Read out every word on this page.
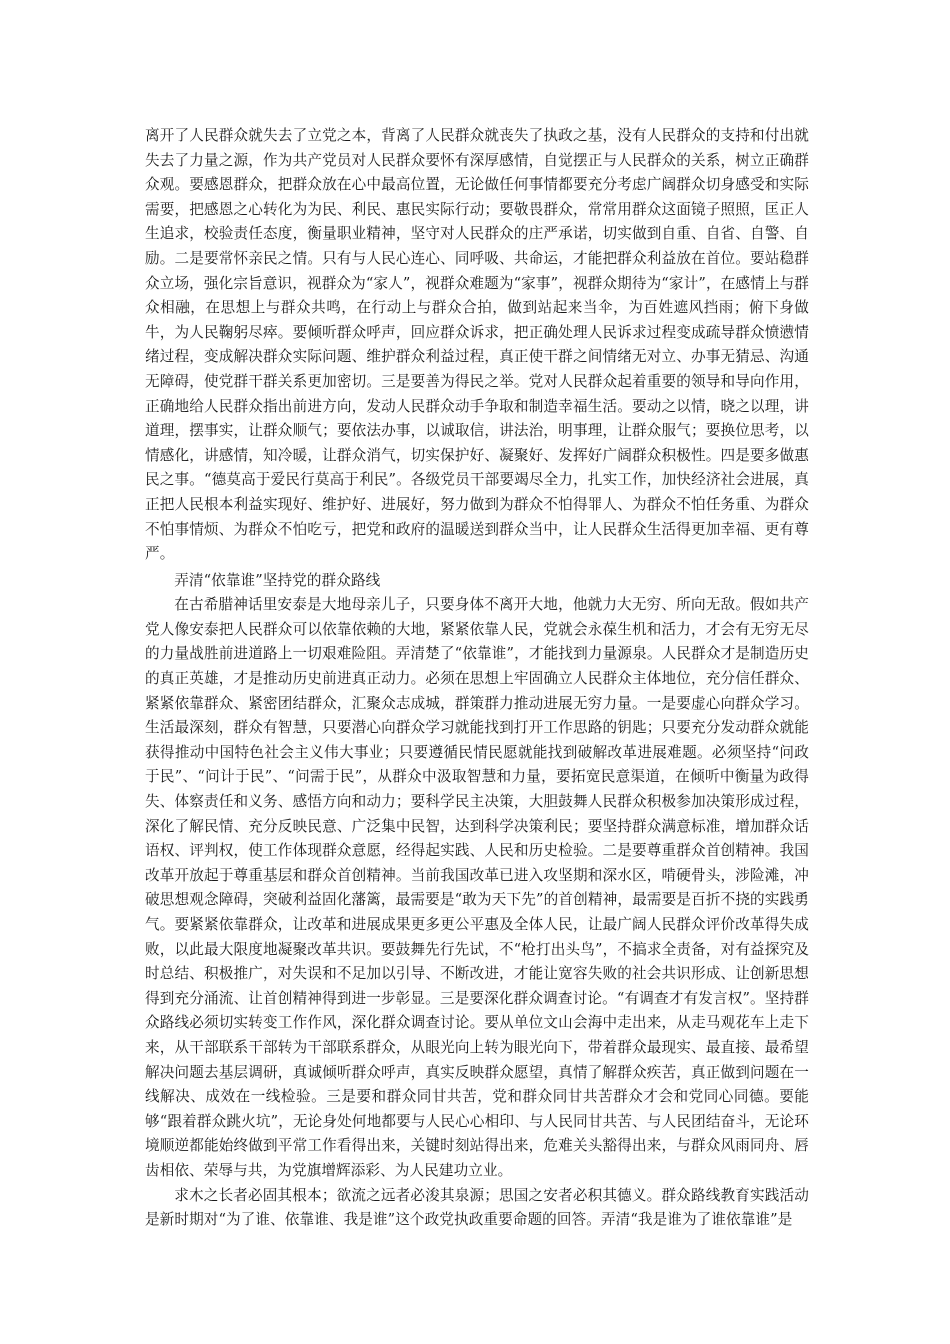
离开了人民群众就失去了立党之本，背离了人民群众就丧失了执政之基，没有人民群众的支持和付出就失去了力量之源，作为共产党员对人民群众要怀有深厚感情，自觉摆正与人民群众的关系，树立正确群众观。要感恩群众，把群众放在心中最高位置，无论做任何事情都要充分考虑广阔群众切身感受和实际需要，把感恩之心转化为为民、利民、惠民实际行动；要敬畏群众，常常用群众这面镜子照照，匡正人生追求，校验责任态度，衡量职业精神，坚守对人民群众的庄严承诺，切实做到自重、自省、自警、自励。二是要常怀亲民之情。只有与人民心连心、同呼吸、共命运，才能把群众利益放在首位。要站稳群众立场，强化宗旨意识，视群众为“家人”，视群众难题为“家事”，视群众期待为“家计”，在感情上与群众相融，在思想上与群众共鸣，在行动上与群众合拍，做到站起来当伞，为百姓遮风挡雨；俯下身做牛，为人民鞠躬尽瘁。要倾听群众呼声，回应群众诉求，把正确处理人民诉求过程变成疏导群众愤懑情绪过程，变成解决群众实际问题、维护群众利益过程，真正使干群之间情绪无对立、办事无猜忌、沟通无障碍，使党群干群关系更加密切。三是要善为得民之举。党对人民群众起着重要的领导和导向作用，正确地给人民群众指出前进方向，发动人民群众动手争取和制造幸福生活。要动之以情，晓之以理，讲道理，摆事实，让群众顺气；要依法办事，以诚取信，讲法治，明事理，让群众服气；要换位思考，以情感化，讲感情，知冷暖，让群众消气，切实保护好、凝聚好、发挥好广阔群众积极性。四是要多做惠民之事。“德莫高于爱民行莫高于利民”。各级党员干部要竭尽全力，扎实工作，加快经济社会进展，真正把人民根本利益实现好、维护好、进展好，努力做到为群众不怕得罪人、为群众不怕任务重、为群众不怕事情烦、为群众不怕吃亏，把党和政府的温暖送到群众当中，让人民群众生活得更加幸福、更有尊严。

弄清“依靠谁”坚持党的群众路线

在古希腊神话里安泰是大地母亲儿子，只要身体不离开大地，他就力大无穷、所向无敌。假如共产党人像安泰把人民群众可以依靠依赖的大地，紧紧依靠人民，党就会永葆生机和活力，才会有无穷无尽的力量战胜前进道路上一切艰难险阻。弄清楚了“依靠谁”，才能找到力量源泉。人民群众才是制造历史的真正英雄，才是推动历史前进真正动力。必须在思想上牢固确立人民群众主体地位，充分信任群众、紧紧依靠群众、紧密团结群众，汇聚众志成城，群策群力推动进展无穷力量。一是要虚心向群众学习。生活最深刻，群众有智慧，只要潜心向群众学习就能找到打开工作思路的钥匙；只要充分发动群众就能获得推动中国特色社会主义伟大事业；只要遵循民情民愿就能找到破解改革进展难题。必须坚持“问政于民”、“问计于民”、“问需于民”，从群众中汲取智慧和力量，要拓宽民意渠道，在倾听中衡量为政得失、体察责任和义务、感悟方向和动力；要科学民主决策，大胆鼓舞人民群众积极参加决策形成过程，深化了解民情、充分反映民意、广泛集中民智，达到科学决策利民；要坚持群众满意标准，增加群众话语权、评判权，使工作体现群众意愿，经得起实践、人民和历史检验。二是要尊重群众首创精神。我国改革开放起于尊重基层和群众首创精神。当前我国改革已进入攻坚期和深水区，啃硬骨头，涉险滩，冲破思想观念障碍，突破利益固化藩篱，最需要是“敢为天下先”的首创精神，最需要是百折不挠的实践勇气。要紧紧依靠群众，让改革和进展成果更多更公平惠及全体人民，让最广阔人民群众评价改革得失成败，以此最大限度地凝聚改革共识。要鼓舞先行先试，不“枪打出头鸟”，不搞求全责备，对有益探究及时总结、积极推广，对失误和不足加以引导、不断改进，才能让宽容失败的社会共识形成、让创新思想得到充分涌流、让首创精神得到进一步彰显。三是要深化群众调查讨论。“有调查才有发言权”。坚持群众路线必须切实转变工作作风，深化群众调查讨论。要从单位文山会海中走出来，从走马观花车上走下来，从干部联系干部转为干部联系群众，从眼光向上转为眼光向下，带着群众最现实、最直接、最希望解决问题去基层调研，真诚倾听群众呼声，真实反映群众愿望，真情了解群众疾苦，真正做到问题在一线解决、成效在一线检验。三是要和群众同甘共苦，党和群众同甘共苦群众才会和党同心同德。要能够“跟着群众跳火坑”，无论身处何地都要与人民心心相印、与人民同甘共苦、与人民团结奋斗，无论环境顺逆都能始终做到平常工作看得出来，关键时刻站得出来，危难关头豁得出来，与群众风雨同舟、唇齿相依、荣辱与共，为党旗增辉添彩、为人民建功立业。

求木之长者必固其根本；欲流之远者必浚其泉源；思国之安者必积其德义。群众路线教育实践活动是新时期对“为了谁、依靠谁、我是谁”这个政党执政重要命题的回答。弄清“我是谁为了谁依靠谁”是
